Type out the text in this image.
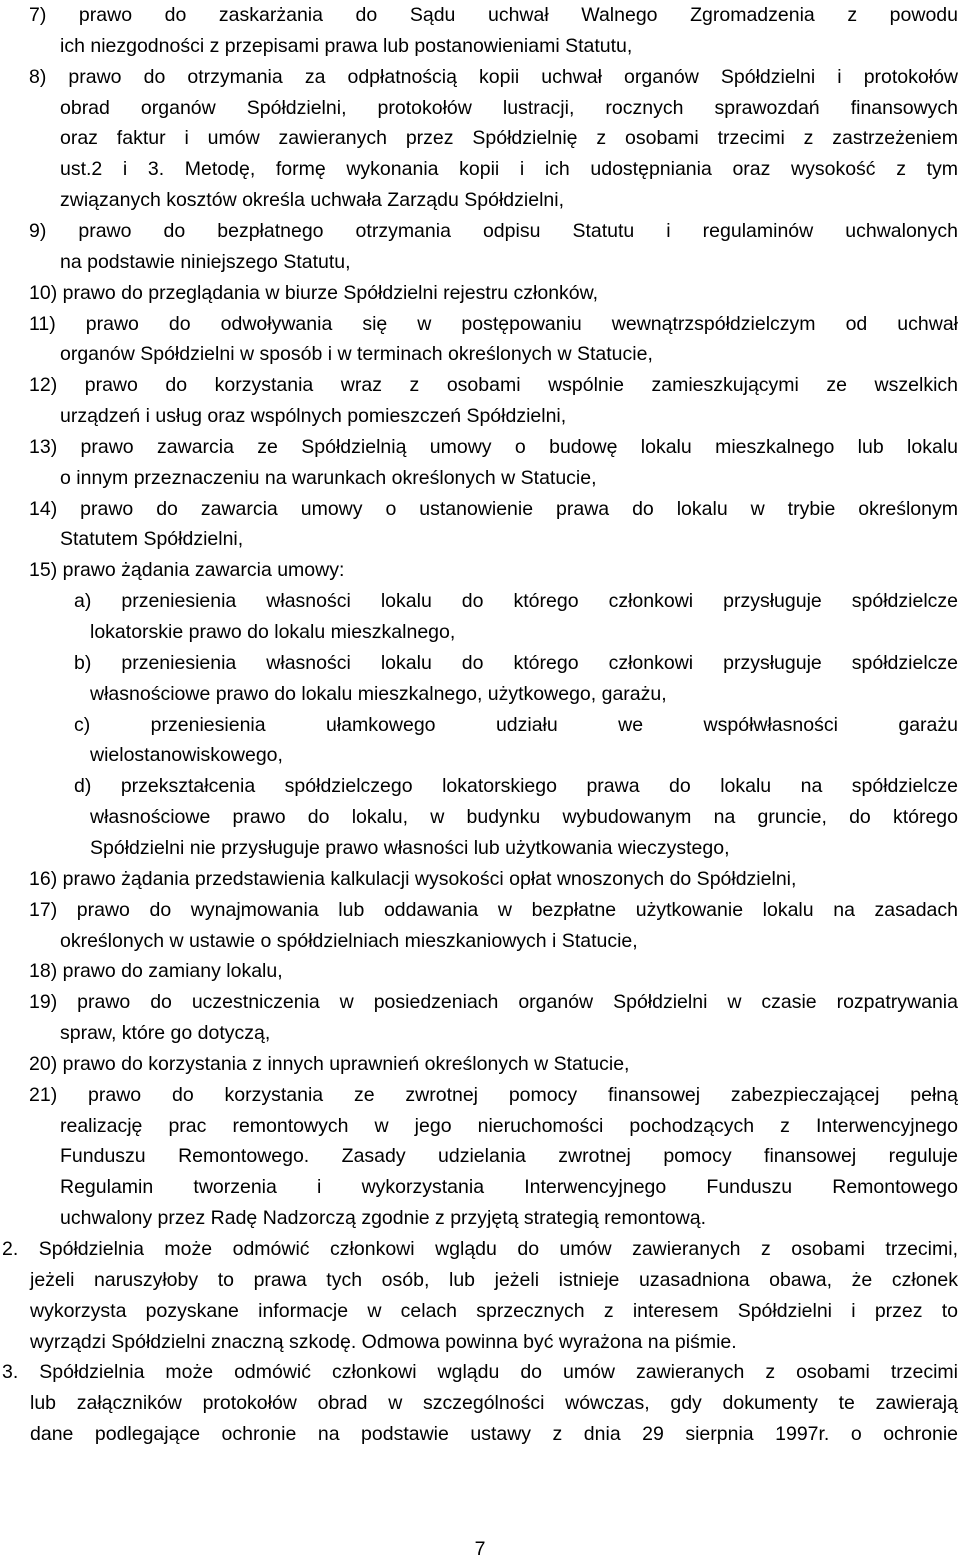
7) prawo do zaskarżania do Sądu uchwał Walnego Zgromadzenia z powodu
ich niezgodności z przepisami prawa lub postanowieniami Statutu,
8) prawo do otrzymania za odpłatnością kopii uchwał organów Spółdzielni i protokołów
obrad organów Spółdzielni, protokołów lustracji, rocznych sprawozdań finansowych
oraz faktur i umów zawieranych przez Spółdzielnię z osobami trzecimi z zastrzeżeniem
ust.2 i 3. Metodę, formę wykonania kopii i ich udostępniania oraz wysokość z tym
związanych kosztów określa uchwała Zarządu Spółdzielni,
9) prawo do bezpłatnego otrzymania odpisu Statutu i regulaminów uchwalonych
na podstawie niniejszego Statutu,
10) prawo do przeglądania w biurze Spółdzielni rejestru członków,
11) prawo do odwoływania się w postępowaniu wewnątrzspółdzielczym od uchwał
organów Spółdzielni w sposób i w terminach określonych w Statucie,
12) prawo do korzystania wraz z osobami wspólnie zamieszkującymi ze wszelkich
urządzeń i usług oraz wspólnych pomieszczeń Spółdzielni,
13) prawo zawarcia ze Spółdzielnią umowy o budowę lokalu mieszkalnego lub lokalu
o innym przeznaczeniu na warunkach określonych w Statucie,
14) prawo do zawarcia umowy o ustanowienie prawa do lokalu w trybie określonym
Statutem Spółdzielni,
15) prawo żądania zawarcia umowy:
a) przeniesienia własności lokalu do którego członkowi przysługuje spółdzielcze
lokatorskie prawo do lokalu mieszkalnego,
b) przeniesienia własności lokalu do którego członkowi przysługuje spółdzielcze
własnościowe prawo do lokalu mieszkalnego, użytkowego, garażu,
c) przeniesienia ułamkowego udziału we współwłasności garażu
wielostanowiskowego,
d) przekształcenia spółdzielczego lokatorskiego prawa do lokalu na spółdzielcze
własnościowe prawo do lokalu, w budynku wybudowanym na gruncie, do którego
Spółdzielni nie przysługuje prawo własności lub użytkowania wieczystego,
16) prawo żądania przedstawienia kalkulacji wysokości opłat wnoszonych do Spółdzielni,
17) prawo do wynajmowania lub oddawania w bezpłatne użytkowanie lokalu na zasadach
określonych w ustawie o spółdzielniach mieszkaniowych i Statucie,
18) prawo do zamiany lokalu,
19) prawo do uczestniczenia w posiedzeniach organów Spółdzielni w czasie rozpatrywania
spraw, które go dotyczą,
20) prawo do korzystania z innych uprawnień określonych w Statucie,
21) prawo do korzystania ze zwrotnej pomocy finansowej zabezpieczającej pełną
realizację prac remontowych w jego nieruchomości pochodzących z Interwencyjnego
Funduszu Remontowego. Zasady udzielania zwrotnej pomocy finansowej reguluje
Regulamin tworzenia i wykorzystania Interwencyjnego Funduszu Remontowego
uchwalony przez Radę Nadzorczą zgodnie z przyjętą strategią remontową.
2. Spółdzielnia może odmówić członkowi wglądu do umów zawieranych z osobami trzecimi,
jeżeli naruszyłoby to prawa tych osób, lub jeżeli istnieje uzasadniona obawa, że członek
wykorzysta pozyskane informacje w celach sprzecznych z interesem Spółdzielni i przez to
wyrządzi Spółdzielni znaczną szkodę. Odmowa powinna być wyrażona na piśmie.
3. Spółdzielnia może odmówić członkowi wglądu do umów zawieranych z osobami trzecimi
lub załączników protokołów obrad w szczególności wówczas, gdy dokumenty te zawierają
dane podlegające ochronie na podstawie ustawy z dnia 29 sierpnia 1997r. o ochronie
7
